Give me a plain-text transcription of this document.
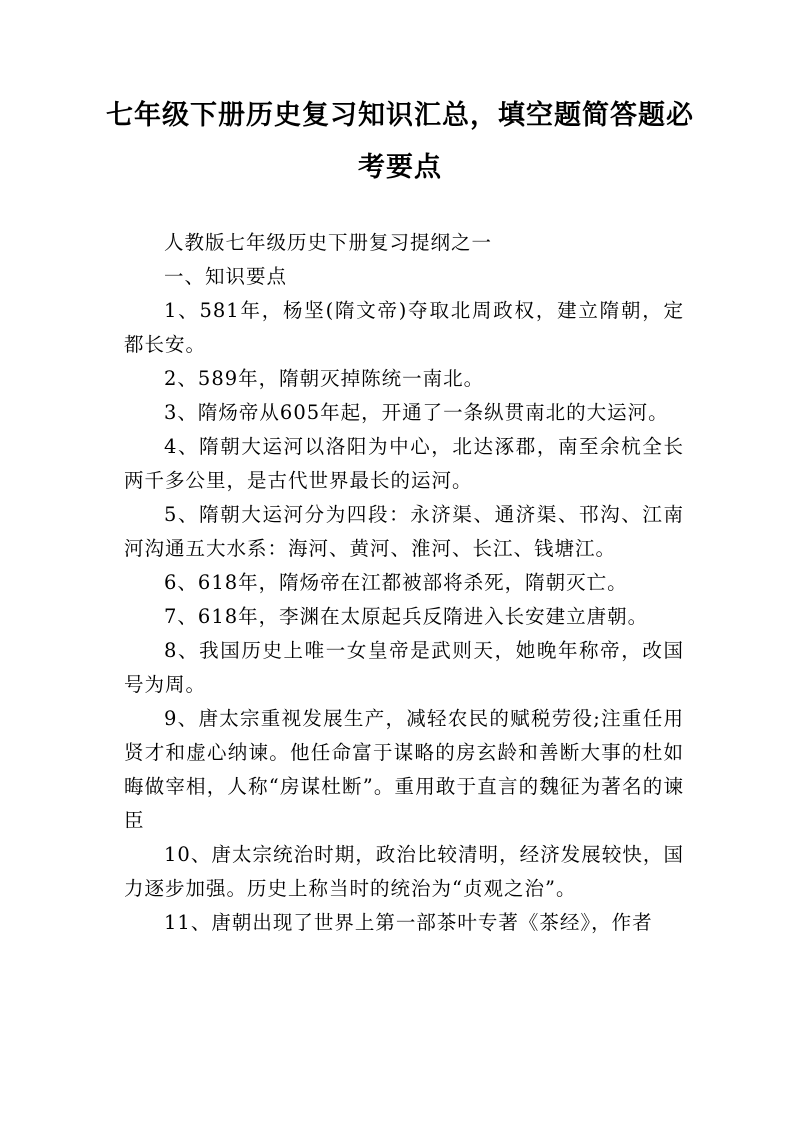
七年级下册历史复习知识汇总，填空题简答题必考要点

人教版七年级历史下册复习提纲之一

一、知识要点

1、581年，杨坚(隋文帝)夺取北周政权，建立隋朝，定都长安。

2、589年，隋朝灭掉陈统一南北。

3、隋炀帝从605年起，开通了一条纵贯南北的大运河。

4、隋朝大运河以洛阳为中心，北达涿郡，南至余杭全长两千多公里，是古代世界最长的运河。

5、隋朝大运河分为四段：永济渠、通济渠、邗沟、江南河沟通五大水系：海河、黄河、淮河、长江、钱塘江。

6、618年，隋炀帝在江都被部将杀死，隋朝灭亡。

7、618年，李渊在太原起兵反隋进入长安建立唐朝。

8、我国历史上唯一女皇帝是武则天，她晚年称帝，改国号为周。

9、唐太宗重视发展生产，减轻农民的赋税劳役;注重任用贤才和虚心纳谏。他任命富于谋略的房玄龄和善断大事的杜如晦做宰相，人称“房谋杜断”。重用敢于直言的魏征为著名的谏臣

10、唐太宗统治时期，政治比较清明，经济发展较快，国力逐步加强。历史上称当时的统治为“贞观之治”。

11、唐朝出现了世界上第一部茶叶专著《茶经》，作者
